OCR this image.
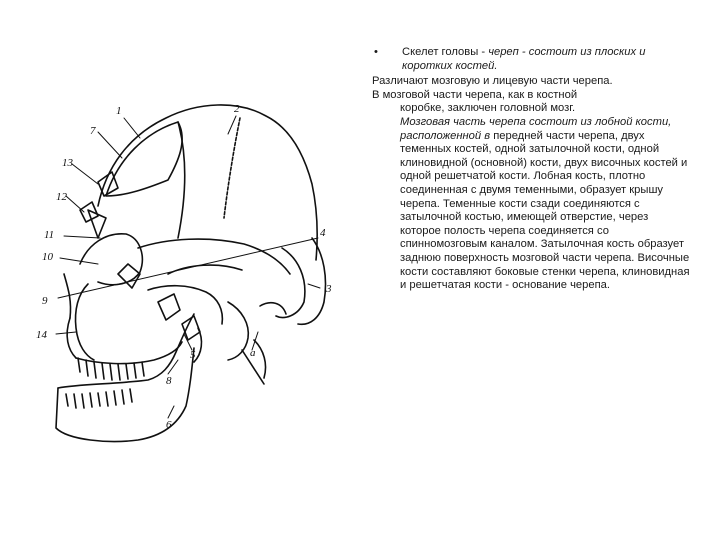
1	2
3
4
5
6
7
8
9
10
11
12
13
14
a
• Скелет головы - череп - состоит из плоских и коротких костей.

Различают мозговую и лицевую части черепа.

В мозговой части черепа, как в костной

коробке, заключен головной мозг.

Мозговая часть черепа состоит из лобной кости, расположенной в передней части черепа, двух теменных костей, одной затылочной кости, одной клиновидной (основной) кости, двух височных костей и одной решетчатой кости. Лобная кость, плотно соединенная с двумя теменными, образует крышу черепа. Теменные кости сзади соединяются с затылочной костью, имеющей отверстие, через которое полость черепа соединяется со спинномозговым каналом. Затылочная кость образует заднюю поверхность мозговой части черепа. Височные кости составляют боковые стенки черепа, клиновидная и решетчатая кости - основание черепа.
